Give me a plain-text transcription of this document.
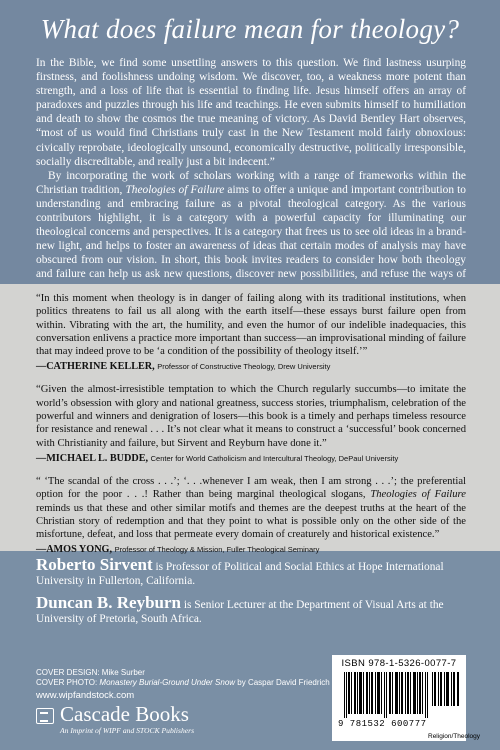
What does failure mean for theology?

In the Bible, we find some unsettling answers to this question. We find lastness usurping firstness, and foolishness undoing wisdom. We discover, too, a weakness more potent than strength, and a loss of life that is essential to finding life. Jesus himself offers an array of paradoxes and puzzles through his life and teachings. He even submits himself to humiliation and death to show the cosmos the true meaning of victory. As David Bentley Hart observes, “most of us would find Christians truly cast in the New Testament mold fairly obnoxious: civically reprobate, ideologically unsound, economically destructive, politically irresponsible, socially discreditable, and really just a bit indecent.”

By incorporating the work of scholars working with a range of frameworks within the Christian tradition, Theologies of Failure aims to offer a unique and important contribution to understanding and embracing failure as a pivotal theological category. As the various contributors highlight, it is a category with a powerful capacity for illuminating our theological concerns and perspectives. It is a category that frees us to see old ideas in a brand-new light, and helps to foster an awareness of ideas that certain modes of analysis may have obscured from our vision. In short, this book invites readers to consider how both theology and failure can help us ask new questions, discover new possibilities, and refuse the ways of

“In this moment when theology is in danger of failing along with its traditional institutions, when politics threatens to fail us all along with the earth itself—these essays burst failure open from within. Vibrating with the art, the humility, and even the humor of our indelible inadequacies, this conversation enlivens a practice more important than success—an improvisational minding of failure that may indeed prove to be ‘a condition of the possibility of theology itself.’”
—CATHERINE KELLER, Professor of Constructive Theology, Drew University
“Given the almost-irresistible temptation to which the Church regularly succumbs—to imitate the world’s obsession with glory and national greatness, success stories, triumphalism, celebration of the powerful and winners and denigration of losers—this book is a timely and perhaps timeless resource for resistance and renewal . . . It’s not clear what it means to construct a ‘successful’ book concerned with Christianity and failure, but Sirvent and Reyburn have done it.”
—MICHAEL L. BUDDE, Center for World Catholicism and Intercultural Theology, DePaul University
“ ‘The scandal of the cross . . .’; ‘. . .whenever I am weak, then I am strong . . .’; the preferential option for the poor . . .! Rather than being marginal theological slogans, Theologies of Failure reminds us that these and other similar motifs and themes are the deepest truths at the heart of the Christian story of redemption and that they point to what is possible only on the other side of the misfortune, defeat, and loss that permeate every domain of creaturely and historical existence.”
—AMOS YONG, Professor of Theology & Mission, Fuller Theological Seminary
Roberto Sirvent is Professor of Political and Social Ethics at Hope International University in Fullerton, California.
Duncan B. Reyburn is Senior Lecturer at the Department of Visual Arts at the University of Pretoria, South Africa.
COVER DESIGN: Mike Surber
COVER PHOTO: Monastery Burial-Ground Under Snow by Caspar David Friedrich
www.wipfandstock.com
Cascade Books
An Imprint of WIPF and STOCK Publishers
ISBN 978-1-5326-0077-7
9 781532 600777
Religion/Theology
